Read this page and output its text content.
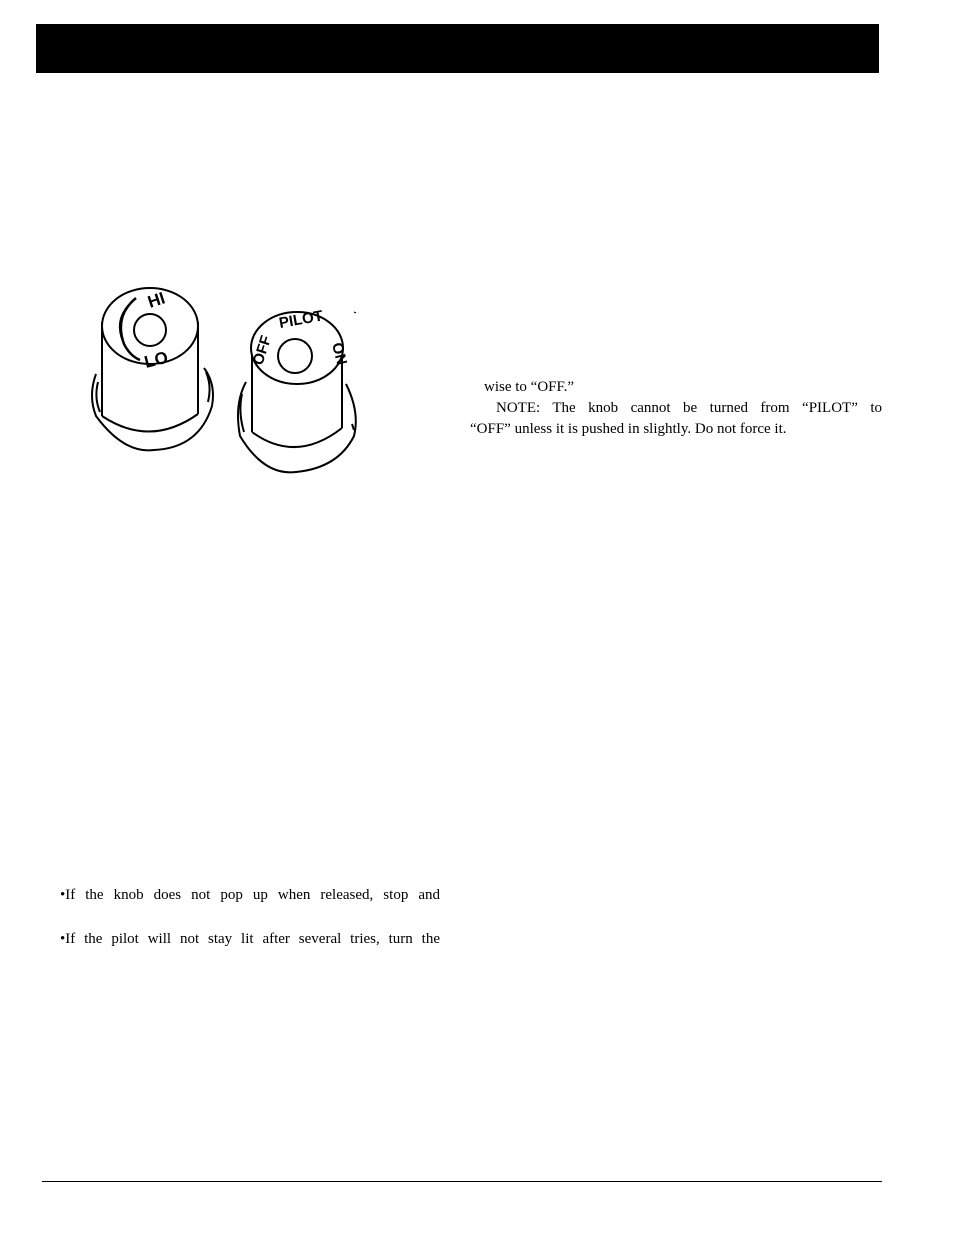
HI
LO	OFF
PILOT
ON

wise to “OFF.”

NOTE: The knob cannot be turned from “PILOT” to

“OFF” unless it is pushed in slightly. Do not force it.

•If the knob does not pop up when released, stop and

•If the pilot will not stay lit after several tries, turn the
